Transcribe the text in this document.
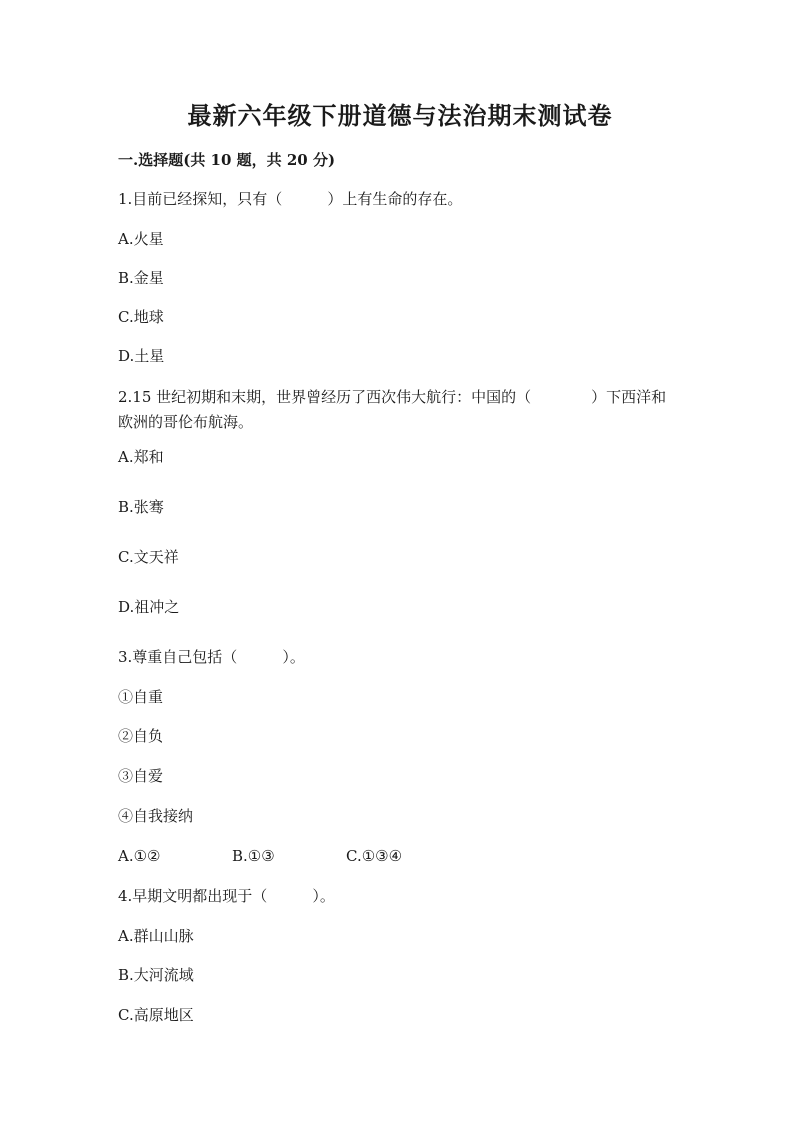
最新六年级下册道德与法治期末测试卷
一.选择题(共 10 题，共 20 分)
1.目前已经探知，只有（　　　）上有生命的存在。
A.火星
B.金星
C.地球
D.土星
2.15 世纪初期和末期，世界曾经历了西次伟大航行：中国的（　　　　）下西洋和欧洲的哥伦布航海。
A.郑和
B.张骞
C.文天祥
D.祖冲之
3.尊重自己包括（　　　）。
①自重
②自负
③自爱
④自我接纳
A.①②	B.①③	C.①③④
4.早期文明都出现于（　　　）。
A.群山山脉
B.大河流域
C.高原地区
